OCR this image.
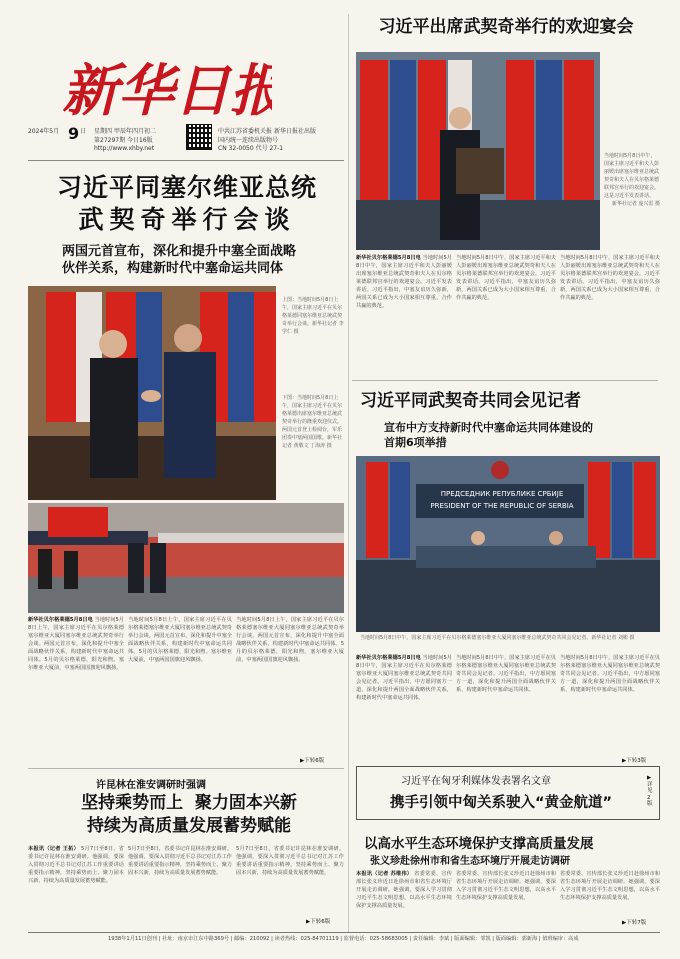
新华日报
2024年5月 9 日 星期四 甲辰年四月初二
第27297期 今日16版
http://www.xhby.net
中共江苏省委机关报 新华日报社出版
国内统一连续出版物号
CN 32-0050 代号 27-1
习近平同塞尔维亚总统
武契奇举行会谈
两国元首宣布，深化和提升中塞全面战略
伙伴关系，构建新时代中塞命运共同体
上图：当地时间5月8日上午，国家主席习近平在贝尔格莱德同塞尔维亚总统武契奇举行会谈。新华社记者 李学仁 摄
下图：当地时间5月8日上午，国家主席习近平在贝尔格莱德出席塞尔维亚总统武契奇举行的隆重欢迎仪式。两国元首登上检阅台，军乐团奏中塞两国国歌。新华社记者 黄敬文 丁海涛 摄
新华社贝尔格莱德5月8日电 当地时间5月8日上午，国家主席习近平在贝尔格莱德塞尔维亚大厦同塞尔维亚总统武契奇举行会谈。两国元首宣布，深化和提升中塞全面战略伙伴关系，构建新时代中塞命运共同体。5月的贝尔格莱德，阳光和煦。塞尔维亚大厦前，中塞两国国旗迎风飘扬。
当地时间5月8日上午，国家主席习近平在贝尔格莱德塞尔维亚大厦同塞尔维亚总统武契奇举行会谈。两国元首宣布，深化和提升中塞全面战略伙伴关系，构建新时代中塞命运共同体。5月的贝尔格莱德，阳光和煦。塞尔维亚大厦前，中塞两国国旗迎风飘扬。
当地时间5月8日上午，国家主席习近平在贝尔格莱德塞尔维亚大厦同塞尔维亚总统武契奇举行会谈。两国元首宣布，深化和提升中塞全面战略伙伴关系，构建新时代中塞命运共同体。5月的贝尔格莱德，阳光和煦。塞尔维亚大厦前，中塞两国国旗迎风飘扬。
▶下转6版
许昆林在淮安调研时强调
坚持乘势而上  聚力固本兴新
持续为高质量发展蓄势赋能
本报讯（记者 王拓） 5月7日至8日，省委书记许昆林在淮安调研。他强调，要深入贯彻习近平总书记对江苏工作重要讲话重要指示精神，坚持乘势而上、聚力固本兴新，持续为高质量发展蓄势赋能。
5月7日至8日，省委书记许昆林在淮安调研。他强调，要深入贯彻习近平总书记对江苏工作重要讲话重要指示精神，坚持乘势而上、聚力固本兴新，持续为高质量发展蓄势赋能。
5月7日至8日，省委书记许昆林在淮安调研。他强调，要深入贯彻习近平总书记对江苏工作重要讲话重要指示精神，坚持乘势而上、聚力固本兴新，持续为高质量发展蓄势赋能。
▶下转6版
习近平出席武契奇举行的欢迎宴会
当地时间5月8日中午，国家主席习近平和夫人彭丽媛出席塞尔维亚总统武契奇和夫人在贝尔格莱德联邦宫举行的欢迎宴会。这是习近平发表讲话。
新华社记者 庞兴雷 摄
新华社贝尔格莱德5月8日电 当地时间5月8日中午，国家主席习近平和夫人彭丽媛出席塞尔维亚总统武契奇和夫人在贝尔格莱德联邦宫举行的欢迎宴会。习近平发表讲话。习近平指出，中塞友谊历久弥新，两国关系已成为大小国家相互尊重、合作共赢的典范。
当地时间5月8日中午，国家主席习近平和夫人彭丽媛出席塞尔维亚总统武契奇和夫人在贝尔格莱德联邦宫举行的欢迎宴会。习近平发表讲话。习近平指出，中塞友谊历久弥新，两国关系已成为大小国家相互尊重、合作共赢的典范。
当地时间5月8日中午，国家主席习近平和夫人彭丽媛出席塞尔维亚总统武契奇和夫人在贝尔格莱德联邦宫举行的欢迎宴会。习近平发表讲话。习近平指出，中塞友谊历久弥新，两国关系已成为大小国家相互尊重、合作共赢的典范。
习近平同武契奇共同会见记者
宣布中方支持新时代中塞命运共同体建设的
首期6项举措
ПРЕДСЕДНИК РЕПУБЛИКЕ СРБИЈЕ
PRESIDENT OF THE REPUBLIC OF SERBIA
当地时间5月8日中午，国家主席习近平在贝尔格莱德塞尔维亚大厦同塞尔维亚总统武契奇共同会见记者。新华社记者 刘彬 摄
新华社贝尔格莱德5月8日电 当地时间5月8日中午，国家主席习近平在贝尔格莱德塞尔维亚大厦同塞尔维亚总统武契奇共同会见记者。习近平指出，中方愿同塞方一道，深化和提升两国全面战略伙伴关系，构建新时代中塞命运共同体。
当地时间5月8日中午，国家主席习近平在贝尔格莱德塞尔维亚大厦同塞尔维亚总统武契奇共同会见记者。习近平指出，中方愿同塞方一道，深化和提升两国全面战略伙伴关系，构建新时代中塞命运共同体。
当地时间5月8日中午，国家主席习近平在贝尔格莱德塞尔维亚大厦同塞尔维亚总统武契奇共同会见记者。习近平指出，中方愿同塞方一道，深化和提升两国全面战略伙伴关系，构建新时代中塞命运共同体。
▶下转3版
习近平在匈牙利媒体发表署名文章
携手引领中匈关系驶入“黄金航道”
▶详见2版
以高水平生态环境保护支撑高质量发展
张义珍赴徐州市和省生态环境厅开展走访调研
本报讯（记者 苏维伟） 省委常委、宣传部长张义珍近日赴徐州市和省生态环境厅开展走访调研。她强调，要深入学习贯彻习近平生态文明思想，以高水平生态环境保护支撑高质量发展。
省委常委、宣传部长张义珍近日赴徐州市和省生态环境厅开展走访调研。她强调，要深入学习贯彻习近平生态文明思想，以高水平生态环境保护支撑高质量发展。
省委常委、宣传部长张义珍近日赴徐州市和省生态环境厅开展走访调研。她强调，要深入学习贯彻习近平生态文明思想，以高水平生态环境保护支撑高质量发展。
▶下转7版
1938年1月11日创刊 | 社址：南京市江东中路369号 | 邮编：210092 | 读者热线：025-84701119 | 监督电话：025-58683005 | 责任编辑：李斌 | 版面编辑：邹凯 | 版面编辑：郭新海 | 值班编审：高成
